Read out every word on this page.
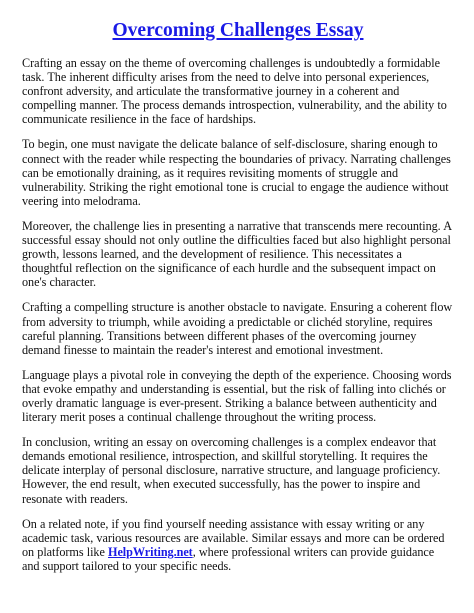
Overcoming Challenges Essay

Crafting an essay on the theme of overcoming challenges is undoubtedly a formidable task. The inherent difficulty arises from the need to delve into personal experiences, confront adversity, and articulate the transformative journey in a coherent and compelling manner. The process demands introspection, vulnerability, and the ability to communicate resilience in the face of hardships.

To begin, one must navigate the delicate balance of self-disclosure, sharing enough to connect with the reader while respecting the boundaries of privacy. Narrating challenges can be emotionally draining, as it requires revisiting moments of struggle and vulnerability. Striking the right emotional tone is crucial to engage the audience without veering into melodrama.

Moreover, the challenge lies in presenting a narrative that transcends mere recounting. A successful essay should not only outline the difficulties faced but also highlight personal growth, lessons learned, and the development of resilience. This necessitates a thoughtful reflection on the significance of each hurdle and the subsequent impact on one's character.

Crafting a compelling structure is another obstacle to navigate. Ensuring a coherent flow from adversity to triumph, while avoiding a predictable or clichéd storyline, requires careful planning. Transitions between different phases of the overcoming journey demand finesse to maintain the reader's interest and emotional investment.

Language plays a pivotal role in conveying the depth of the experience. Choosing words that evoke empathy and understanding is essential, but the risk of falling into clichés or overly dramatic language is ever-present. Striking a balance between authenticity and literary merit poses a continual challenge throughout the writing process.

In conclusion, writing an essay on overcoming challenges is a complex endeavor that demands emotional resilience, introspection, and skillful storytelling. It requires the delicate interplay of personal disclosure, narrative structure, and language proficiency. However, the end result, when executed successfully, has the power to inspire and resonate with readers.

On a related note, if you find yourself needing assistance with essay writing or any academic task, various resources are available. Similar essays and more can be ordered on platforms like HelpWriting.net, where professional writers can provide guidance and support tailored to your specific needs.
